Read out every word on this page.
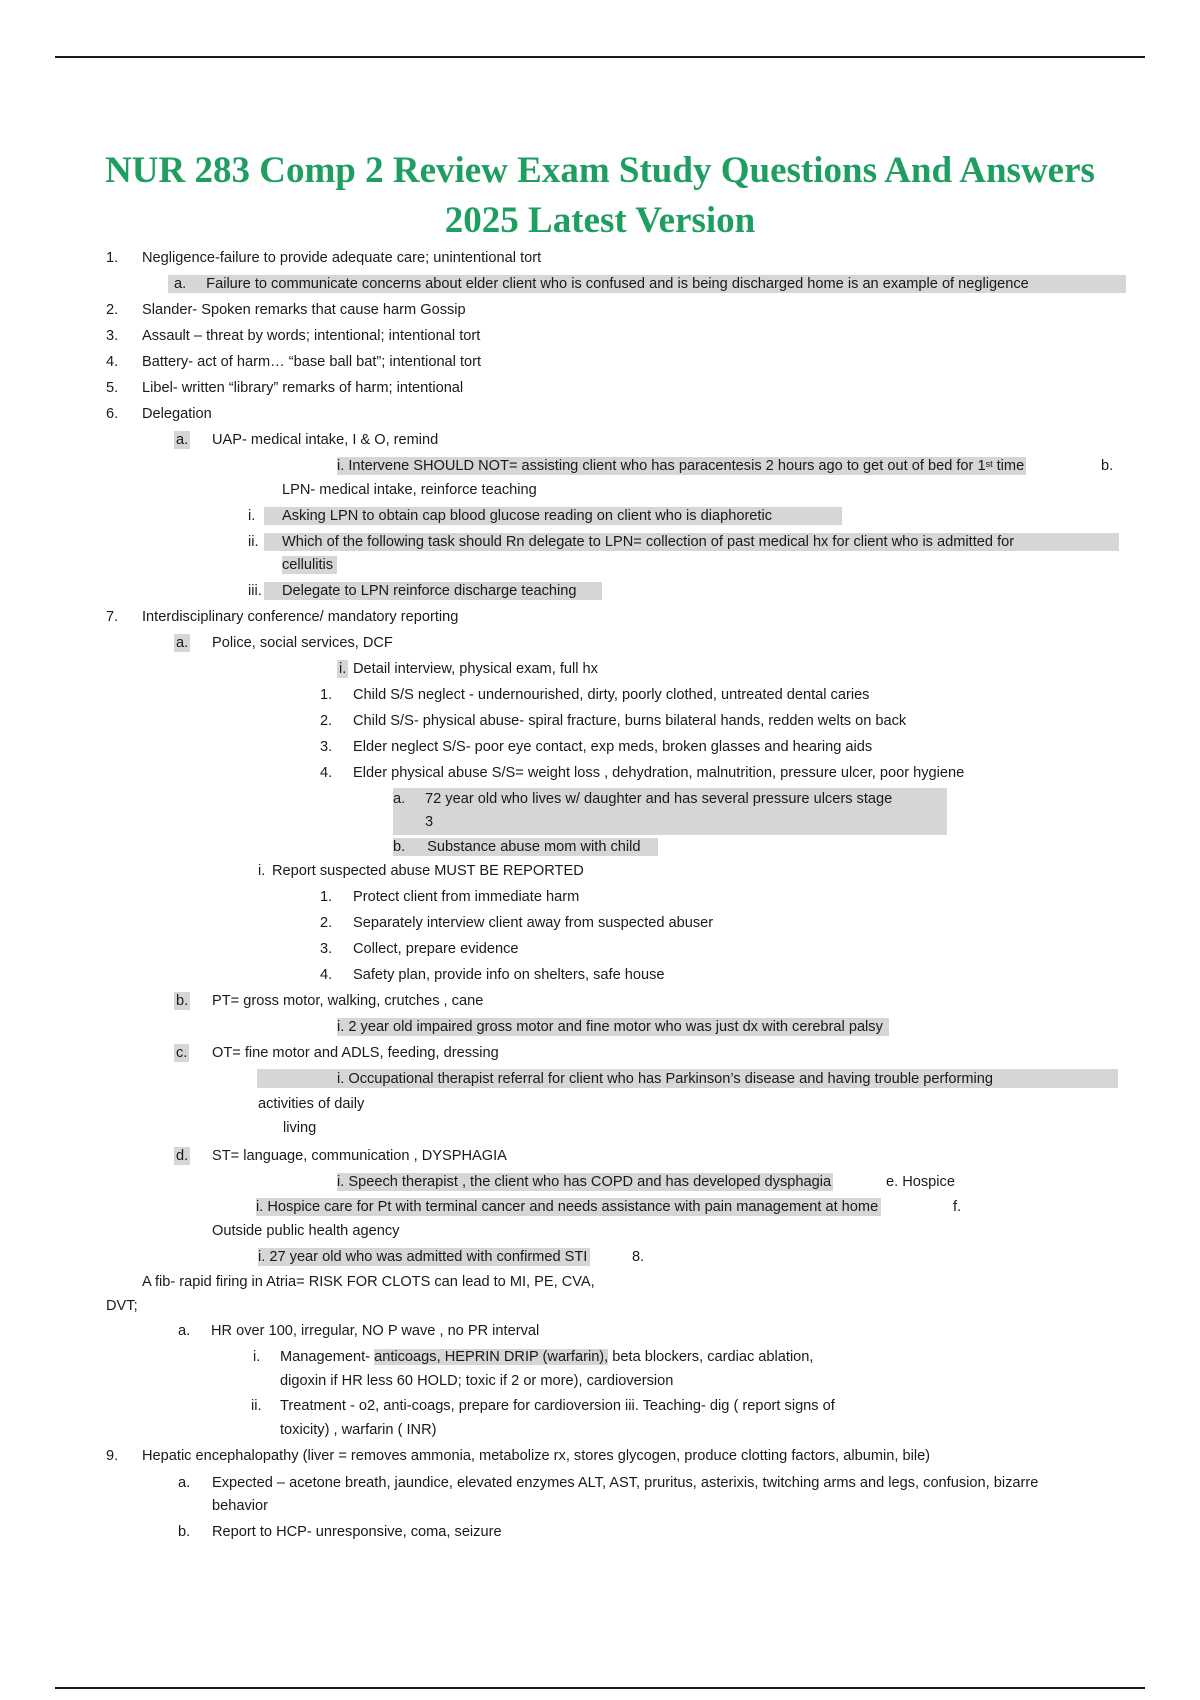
NUR 283 Comp 2 Review Exam Study Questions And Answers
2025 Latest Version
1. Negligence-failure to provide adequate care; unintentional tort
a. Failure to communicate concerns about elder client who is confused and is being discharged home is an example of negligence
2. Slander- Spoken remarks that cause harm Gossip
3. Assault – threat by words; intentional; intentional tort
4. Battery- act of harm… “base ball bat”; intentional tort
5. Libel- written “library” remarks of harm; intentional
6. Delegation
a. UAP- medical intake, I & O, remind
i. Intervene SHOULD NOT= assisting client who has paracentesis 2 hours ago to get out of bed for 1st time	b.
LPN- medical intake, reinforce teaching
i.	Asking LPN to obtain cap blood glucose reading on client who is diaphoretic
ii.	Which of the following task should Rn delegate to LPN= collection of past medical hx for client who is admitted for
cellulitis
iii.	Delegate to LPN reinforce discharge teaching
7. Interdisciplinary conference/ mandatory reporting
a. Police, social services, DCF
i. Detail interview, physical exam, full hx
1. Child S/S neglect - undernourished, dirty, poorly clothed, untreated dental caries
2. Child S/S- physical abuse- spiral fracture, burns bilateral hands, redden welts on back
3. Elder neglect S/S- poor eye contact, exp meds, broken glasses and hearing aids
4. Elder physical abuse S/S= weight loss , dehydration, malnutrition, pressure ulcer, poor hygiene
a. 72 year old who lives w/ daughter and has several pressure ulcers stage
3
b. Substance abuse mom with child
i. Report suspected abuse MUST BE REPORTED
1. Protect client from immediate harm
2. Separately interview client away from suspected abuser
3. Collect, prepare evidence
4. Safety plan, provide info on shelters, safe house
b. PT= gross motor, walking, crutches , cane
i. 2 year old impaired gross motor and fine motor who was just dx with cerebral palsy
c. OT= fine motor and ADLS, feeding, dressing
i. Occupational therapist referral for client who has Parkinson’s disease and having trouble performing
activities of daily
living
d. ST= language, communication , DYSPHAGIA
i. Speech therapist , the client who has COPD and has developed dysphagia	e. Hospice
i. Hospice care for Pt with terminal cancer and needs assistance with pain management at home	f.
Outside public health agency
i. 27 year old who was admitted with confirmed STI	8.
A fib- rapid firing in Atria= RISK FOR CLOTS can lead to MI, PE, CVA,
DVT;
a. HR over 100, irregular, NO P wave , no PR interval
i. Management- anticoags, HEPRIN DRIP (warfarin), beta blockers, cardiac ablation,
digoxin if HR less 60 HOLD; toxic if 2 or more), cardioversion
ii. Treatment - o2, anti-coags, prepare for cardioversion iii. Teaching- dig ( report signs of
toxicity) , warfarin ( INR)
9. Hepatic encephalopathy (liver = removes ammonia, metabolize rx, stores glycogen, produce clotting factors, albumin, bile)
a. Expected – acetone breath, jaundice, elevated enzymes ALT, AST, pruritus, asterixis, twitching arms and legs, confusion, bizarre
behavior
b. Report to HCP- unresponsive, coma, seizure
